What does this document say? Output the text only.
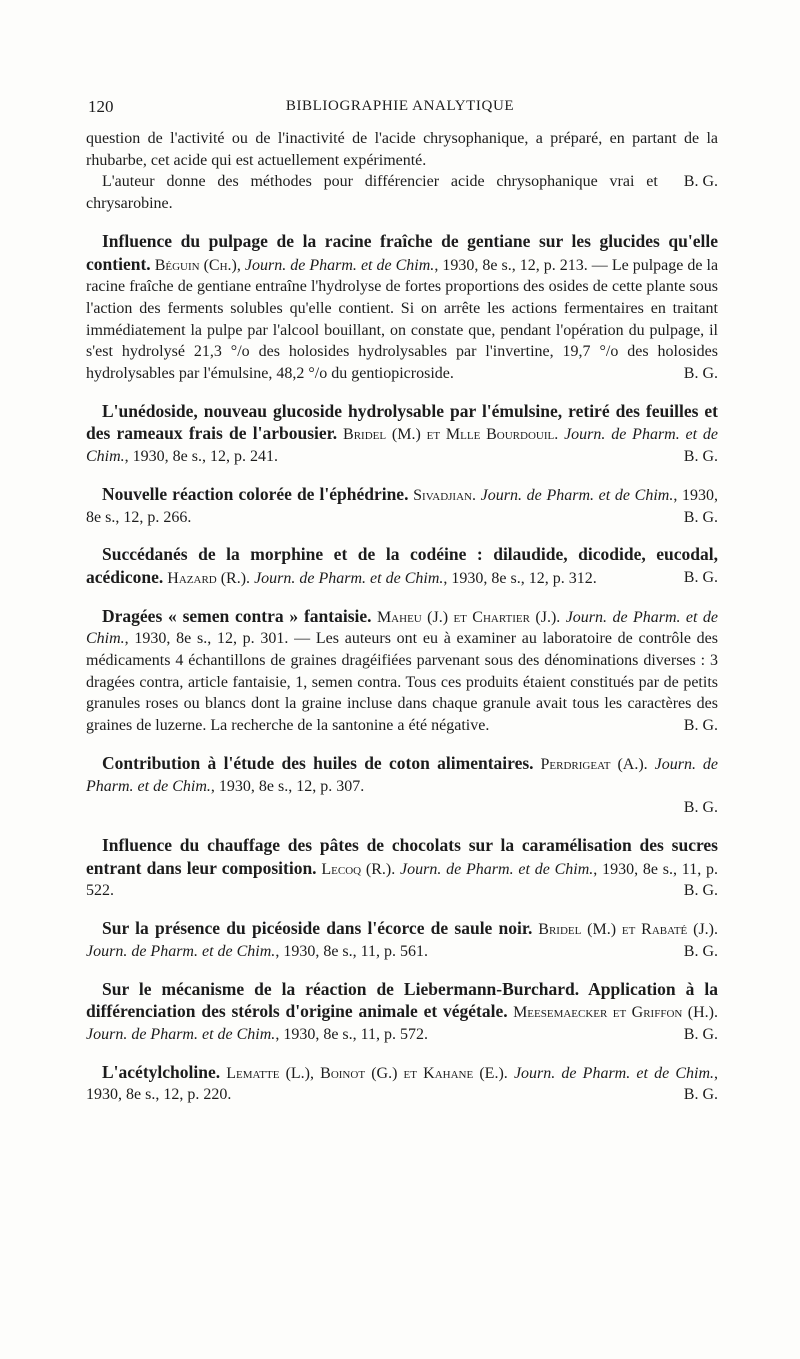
120	BIBLIOGRAPHIE ANALYTIQUE

question de l'activité ou de l'inactivité de l'acide chrysophanique, a préparé, en partant de la rhubarbe, cet acide qui est actuellement expérimenté.

B. G.
L'auteur donne des méthodes pour différencier acide chrysophanique vrai et chrysarobine.

Influence du pulpage de la racine fraîche de gentiane sur les glucides qu'elle contient. Béguin (Ch.), Journ. de Pharm. et de Chim., 1930, 8e s., 12, p. 213. — Le pulpage de la racine fraîche de gentiane entraîne l'hydrolyse de fortes proportions des osides de cette plante sous l'action des ferments solubles qu'elle contient. Si on arrête les actions fermentaires en traitant immédiatement la pulpe par l'alcool bouillant, on constate que, pendant l'opération du pulpage, il s'est hydrolysé 21,3 °/o des holosides hydrolysables par l'invertine, 19,7 °/o des holosides hydrolysables par l'émulsine, 48,2 °/o du gentiopicroside.	B. G.

L'unédoside, nouveau glucoside hydrolysable par l'émulsine, retiré des feuilles et des rameaux frais de l'arbousier. Bridel (M.) et Mlle Bourdouil. Journ. de Pharm. et de Chim., 1930, 8e s., 12, p. 241.	B. G.

Nouvelle réaction colorée de l'éphédrine. Sivadjian. Journ. de Pharm. et de Chim., 1930, 8e s., 12, p. 266.	B. G.

Succédanés de la morphine et de la codéine : dilaudide, dicodide, eucodal, acédicone. Hazard (R.). Journ. de Pharm. et de Chim., 1930, 8e s., 12, p. 312.	B. G.

Dragées « semen contra » fantaisie. Maheu (J.) et Chartier (J.). Journ. de Pharm. et de Chim., 1930, 8e s., 12, p. 301. — Les auteurs ont eu à examiner au laboratoire de contrôle des médicaments 4 échantillons de graines dragéifiées parvenant sous des dénominations diverses : 3 dragées contra, article fantaisie, 1, semen contra. Tous ces produits étaient constitués par de petits granules roses ou blancs dont la graine incluse dans chaque granule avait tous les caractères des graines de luzerne. La recherche de la santonine a été négative.	B. G.

Contribution à l'étude des huiles de coton alimentaires. Perdrigeat (A.). Journ. de Pharm. et de Chim., 1930, 8e s., 12, p. 307.

B. G.

Influence du chauffage des pâtes de chocolats sur la caramélisation des sucres entrant dans leur composition. Lecoq (R.). Journ. de Pharm. et de Chim., 1930, 8e s., 11, p. 522.	B. G.

Sur la présence du picéoside dans l'écorce de saule noir. Bridel (M.) et Rabaté (J.). Journ. de Pharm. et de Chim., 1930, 8e s., 11, p. 561.	B. G.

Sur le mécanisme de la réaction de Liebermann-Burchard. Application à la différenciation des stérols d'origine animale et végétale. Meesemaecker et Griffon (H.). Journ. de Pharm. et de Chim., 1930, 8e s., 11, p. 572.	B. G.

L'acétylcholine. Lematte (L.), Boinot (G.) et Kahane (E.). Journ. de Pharm. et de Chim., 1930, 8e s., 12, p. 220.	B. G.
